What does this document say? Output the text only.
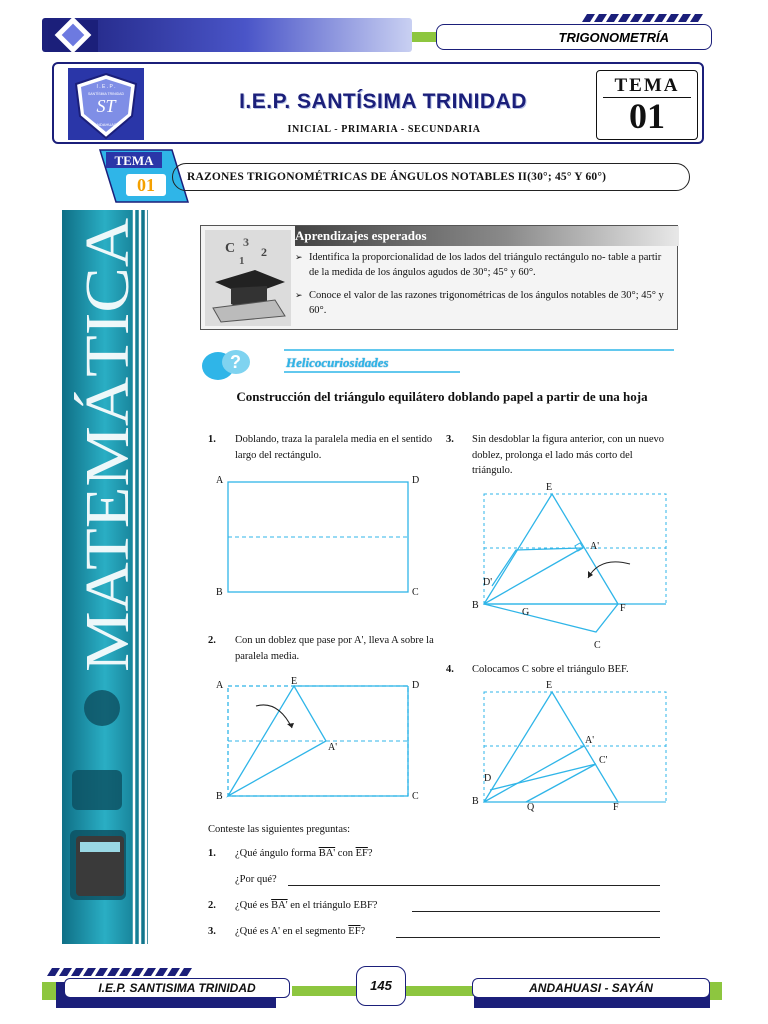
TRIGONOMETRÍA
I . E . P .
ST
ANDAHUASI
SANTÍSIMA TRINIDAD	I.E.P. SANTÍSIMA TRINIDAD
INICIAL - PRIMARIA - SECUNDARIA
TEMA
01
TEMA
01	RAZONES TRIGONOMÉTRICAS DE ÁNGULOS NOTABLES II(30°; 45° Y 60°)
MATEMÁTICA
C 3
2
1
Aprendizajes esperados
➢ Identifica la proporcionalidad de los lados del triángulo rectángulo no- table a partir de la medida de los ángulos agudos de 30°; 45° y 60°.
➢ Conoce el valor de las razones trigonométricas de los ángulos notables de 30°; 45° y 60°.
?	Helicocuriosidades
Construcción del triángulo equilátero doblando papel a partir de una hoja
1.	Doblando, traza la paralela media en el sentido largo del rectángulo.
2.	Con un doblez que pase por A', lleva A sobre la paralela media.
3.	Sin desdoblar la figura anterior, con un nuevo doblez, prolonga el lado más corto del triángulo.
4.	Colocamos C sobre el triángulo BEF.
A	D
B	C
A	E	D
A'
B	C
E
A'
D'
B
G	F
C
E
A'
C'
D
B
Q	F
Conteste las siguientes preguntas:
1. ¿Qué ángulo forma BA' con $\overline{EF}$?
¿Por qué?
2. ¿Qué es BA' en el triángulo EBF?
3. ¿Qué es A' en el segmento $\overline{EF}$?
I.E.P. SANTISIMA TRINIDAD	145	ANDAHUASI - SAYÁN
